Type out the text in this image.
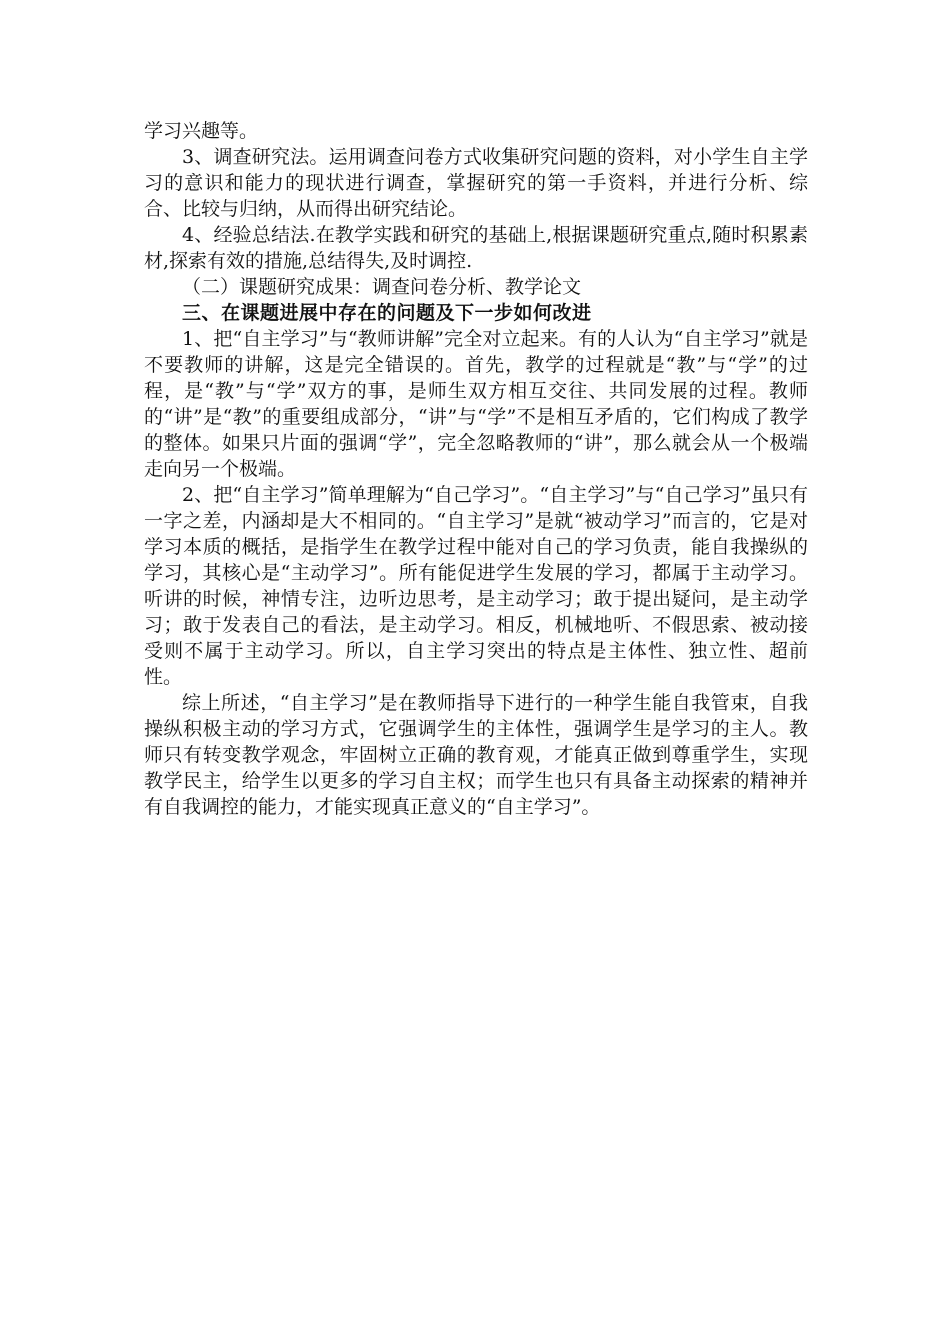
学习兴趣等。

3、调查研究法。运用调查问卷方式收集研究问题的资料，对小学生自主学习的意识和能力的现状进行调查，掌握研究的第一手资料，并进行分析、综合、比较与归纳，从而得出研究结论。

4、经验总结法.在教学实践和研究的基础上,根据课题研究重点,随时积累素材,探索有效的措施,总结得失,及时调控.

（二）课题研究成果：调查问卷分析、教学论文

三、在课题进展中存在的问题及下一步如何改进

1、把“自主学习”与“教师讲解”完全对立起来。有的人认为“自主学习”就是不要教师的讲解，这是完全错误的。首先，教学的过程就是“教”与“学”的过程，是“教”与“学”双方的事，是师生双方相互交往、共同发展的过程。教师的“讲”是“教”的重要组成部分，“讲”与“学”不是相互矛盾的，它们构成了教学的整体。如果只片面的强调“学”，完全忽略教师的“讲”，那么就会从一个极端走向另一个极端。

2、把“自主学习”简单理解为“自己学习”。“自主学习”与“自己学习”虽只有一字之差，内涵却是大不相同的。“自主学习”是就“被动学习”而言的，它是对学习本质的概括，是指学生在教学过程中能对自己的学习负责，能自我操纵的学习，其核心是“主动学习”。所有能促进学生发展的学习，都属于主动学习。听讲的时候，神情专注，边听边思考，是主动学习；敢于提出疑问，是主动学习；敢于发表自己的看法，是主动学习。相反，机械地听、不假思索、被动接受则不属于主动学习。所以，自主学习突出的特点是主体性、独立性、超前性。

综上所述，“自主学习”是在教师指导下进行的一种学生能自我管束，自我操纵积极主动的学习方式，它强调学生的主体性，强调学生是学习的主人。教师只有转变教学观念，牢固树立正确的教育观，才能真正做到尊重学生，实现教学民主，给学生以更多的学习自主权；而学生也只有具备主动探索的精神并有自我调控的能力，才能实现真正意义的“自主学习”。
